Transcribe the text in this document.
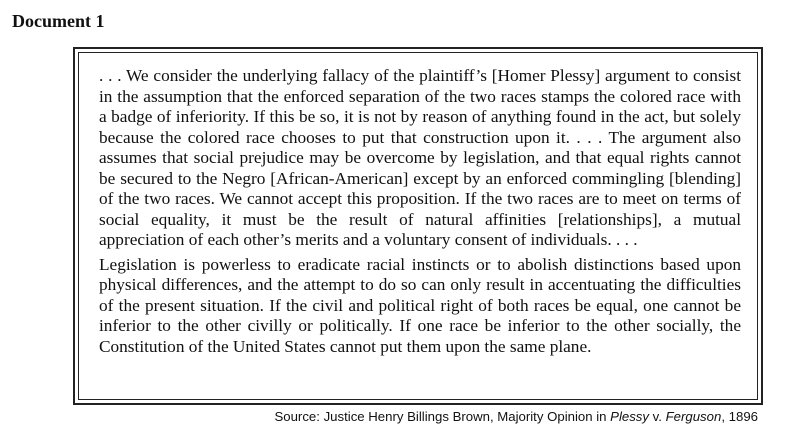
Document 1

. . . We consider the underlying fallacy of the plaintiff’s [Homer Plessy] argument to consist in the assumption that the enforced separation of the two races stamps the colored race with a badge of inferiority. If this be so, it is not by reason of anything found in the act, but solely because the colored race chooses to put that construction upon it. . . . The argument also assumes that social prejudice may be overcome by legislation, and that equal rights cannot be secured to the Negro [African-American] except by an enforced commingling [blending] of the two races. We cannot accept this proposition. If the two races are to meet on terms of social equality, it must be the result of natural affinities [relationships], a mutual appreciation of each other’s merits and a voluntary consent of individuals. . . .

Legislation is powerless to eradicate racial instincts or to abolish distinctions based upon physical differences, and the attempt to do so can only result in accentuating the difficulties of the present situation. If the civil and political right of both races be equal, one cannot be inferior to the other civilly or politically. If one race be inferior to the other socially, the Constitution of the United States cannot put them upon the same plane.

Source: Justice Henry Billings Brown, Majority Opinion in Plessy v. Ferguson, 1896
